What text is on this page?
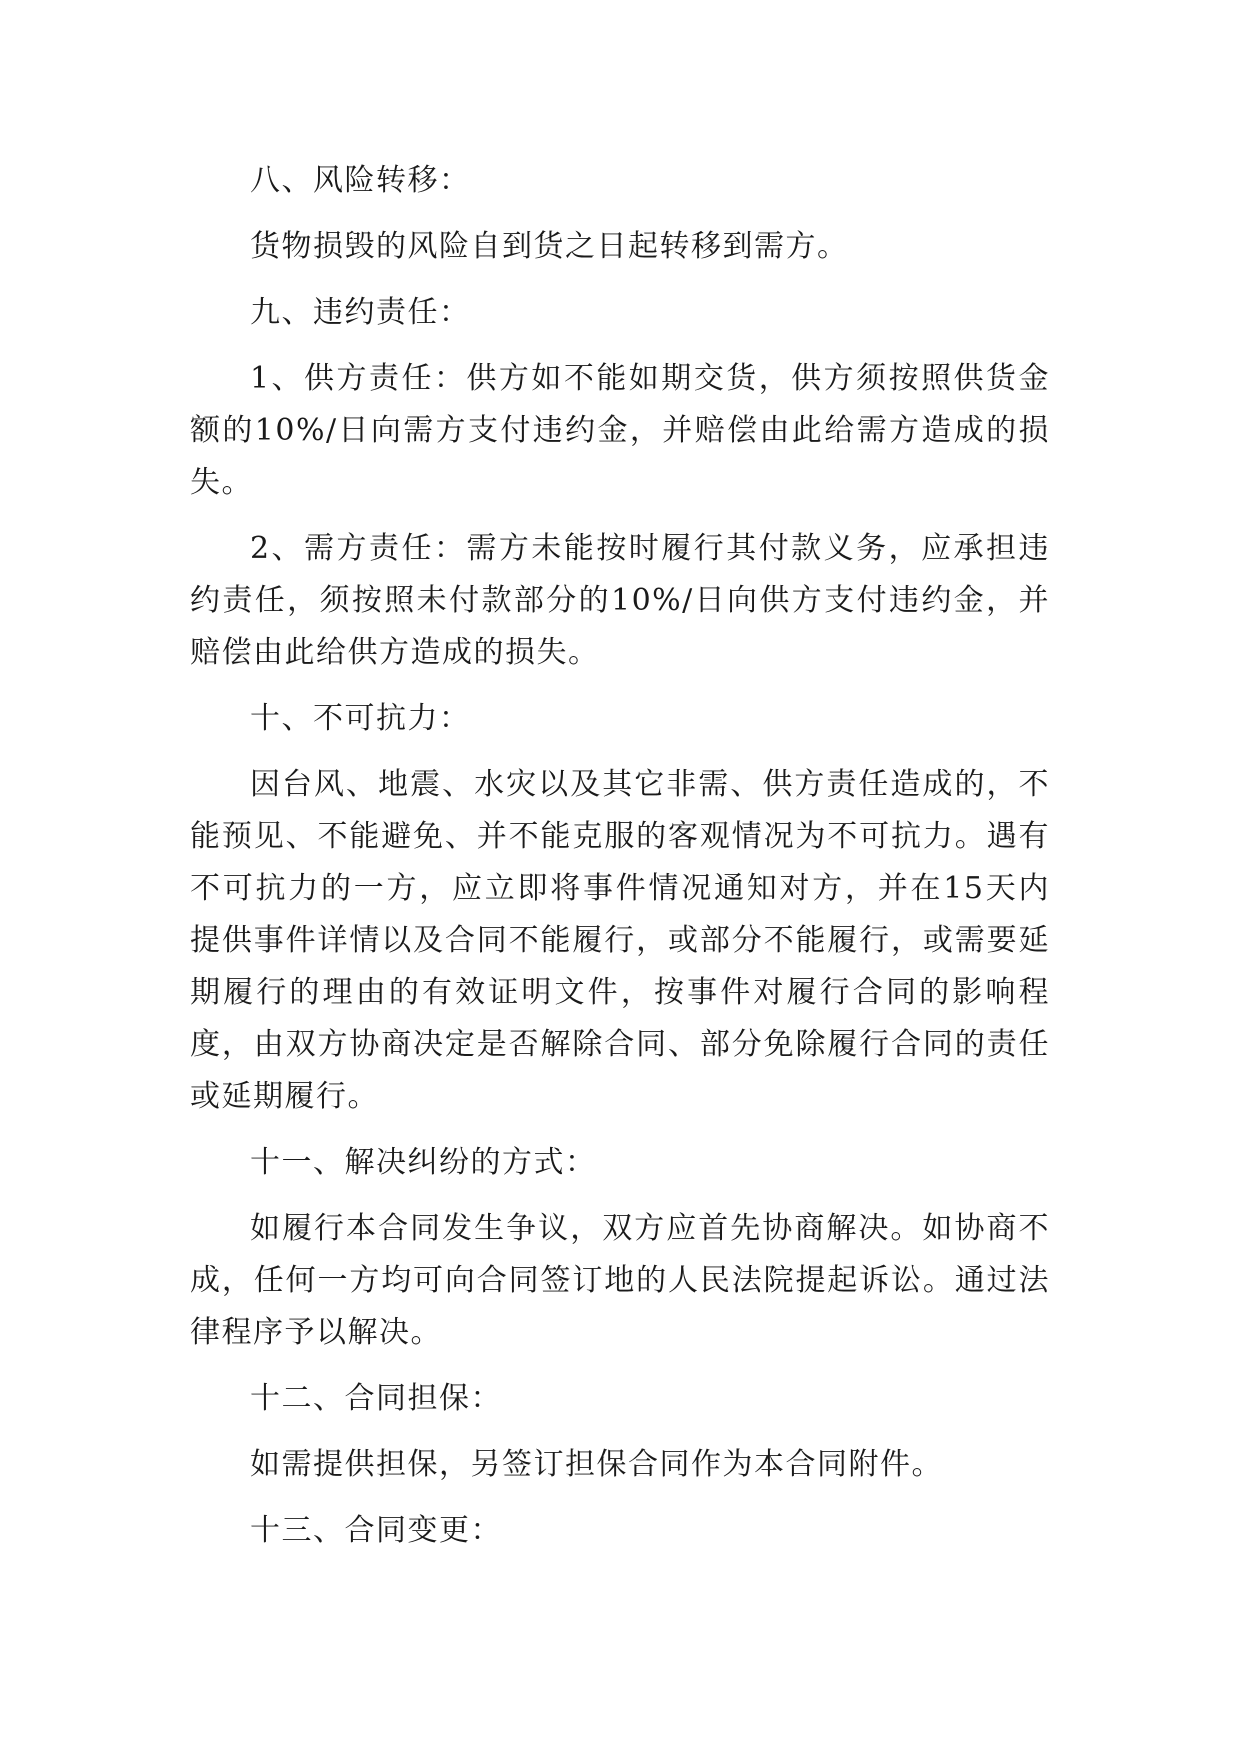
八、风险转移：

货物损毁的风险自到货之日起转移到需方。

九、违约责任：

1、供方责任：供方如不能如期交货，供方须按照供货金额的10%/日向需方支付违约金，并赔偿由此给需方造成的损失。

2、需方责任：需方未能按时履行其付款义务，应承担违约责任，须按照未付款部分的10%/日向供方支付违约金，并赔偿由此给供方造成的损失。

十、不可抗力：

因台风、地震、水灾以及其它非需、供方责任造成的，不能预见、不能避免、并不能克服的客观情况为不可抗力。遇有不可抗力的一方，应立即将事件情况通知对方，并在15天内提供事件详情以及合同不能履行，或部分不能履行，或需要延期履行的理由的有效证明文件，按事件对履行合同的影响程度，由双方协商决定是否解除合同、部分免除履行合同的责任或延期履行。

十一、解决纠纷的方式：

如履行本合同发生争议，双方应首先协商解决。如协商不成，任何一方均可向合同签订地的人民法院提起诉讼。通过法律程序予以解决。

十二、合同担保：

如需提供担保，另签订担保合同作为本合同附件。

十三、合同变更：
